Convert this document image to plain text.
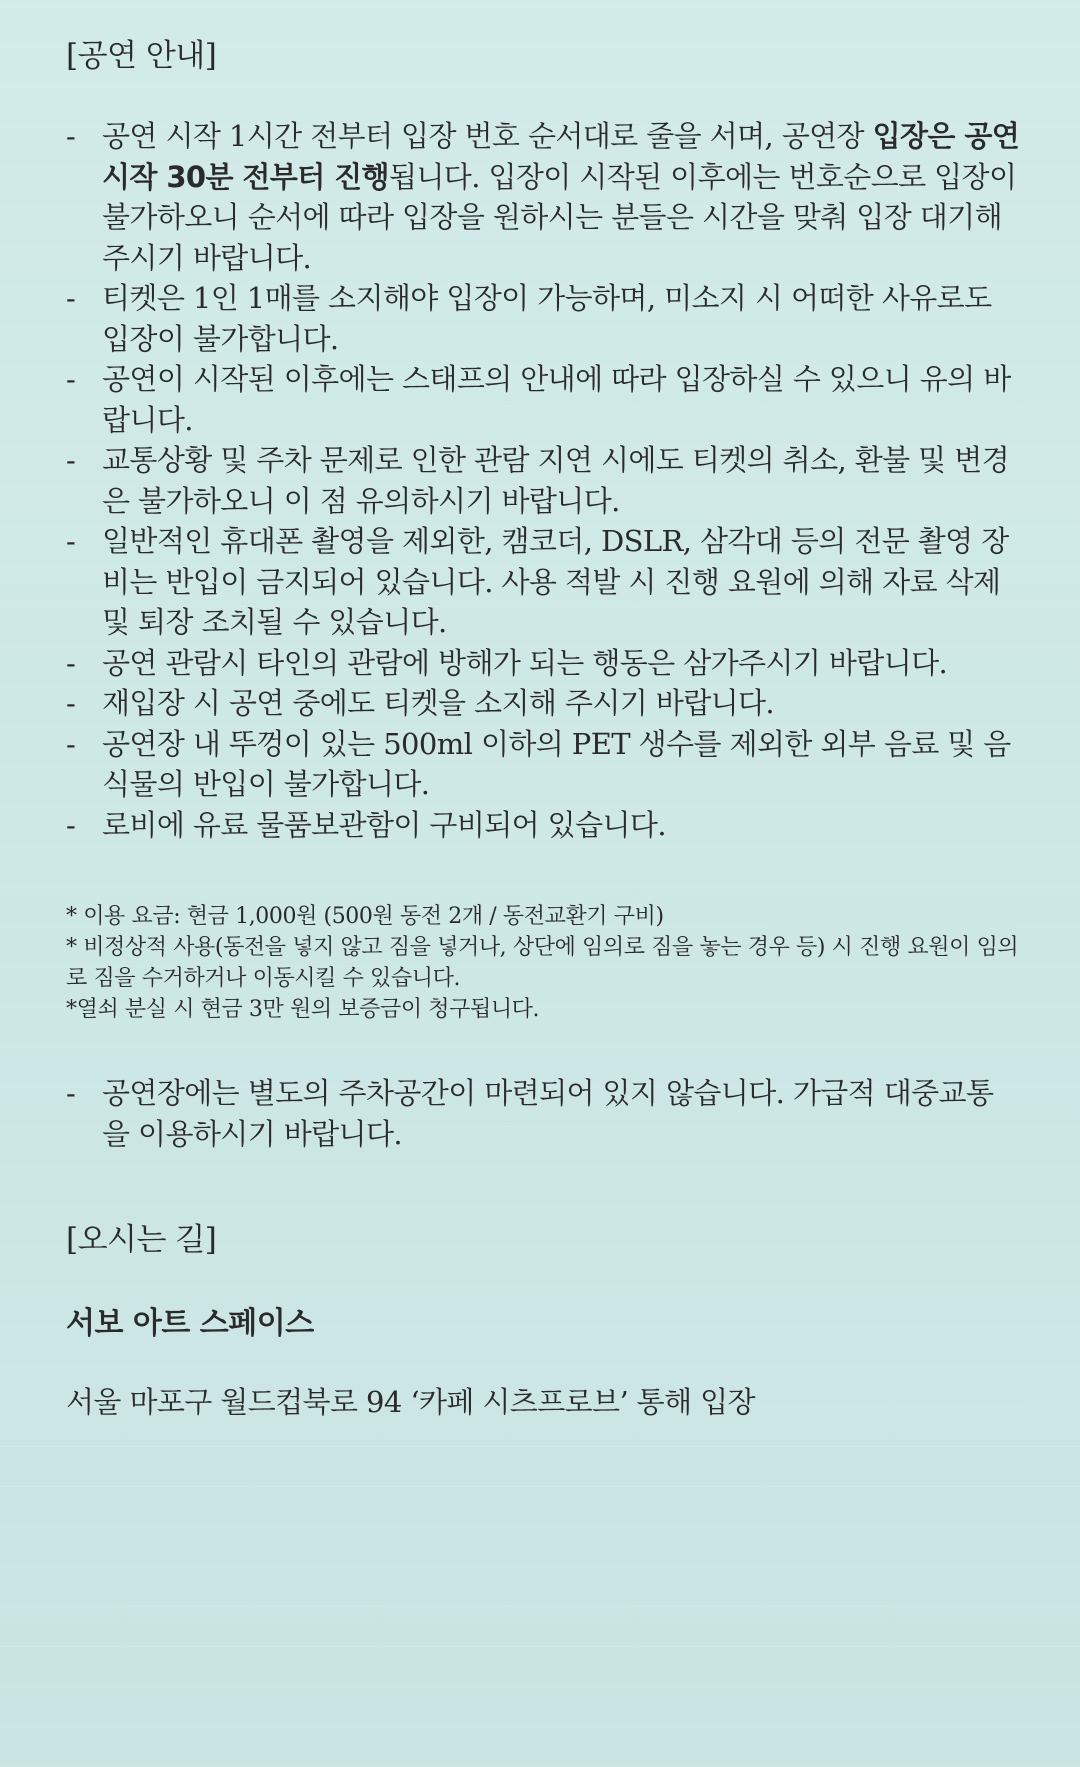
[공연 안내]
- 공연 시작 1시간 전부터 입장 번호 순서대로 줄을 서며, 공연장 입장은 공연 시작 30분 전부터 진행됩니다. 입장이 시작된 이후에는 번호순으로 입장이 불가하오니 순서에 따라 입장을 원하시는 분들은 시간을 맞춰 입장 대기해 주시기 바랍니다.
- 티켓은 1인 1매를 소지해야 입장이 가능하며, 미소지 시 어떠한 사유로도 입장이 불가합니다.
- 공연이 시작된 이후에는 스태프의 안내에 따라 입장하실 수 있으니 유의 바랍니다.
- 교통상황 및 주차 문제로 인한 관람 지연 시에도 티켓의 취소, 환불 및 변경은 불가하오니 이 점 유의하시기 바랍니다.
- 일반적인 휴대폰 촬영을 제외한, 캠코더, DSLR, 삼각대 등의 전문 촬영 장비는 반입이 금지되어 있습니다. 사용 적발 시 진행 요원에 의해 자료 삭제 및 퇴장 조치될 수 있습니다.
- 공연 관람시 타인의 관람에 방해가 되는 행동은 삼가주시기 바랍니다.
- 재입장 시 공연 중에도 티켓을 소지해 주시기 바랍니다.
- 공연장 내 뚜껑이 있는 500ml 이하의 PET 생수를 제외한 외부 음료 및 음식물의 반입이 불가합니다.
- 로비에 유료 물품보관함이 구비되어 있습니다.

* 이용 요금: 현금 1,000원 (500원 동전 2개 / 동전교환기 구비)

* 비정상적 사용(동전을 넣지 않고 짐을 넣거나, 상단에 임의로 짐을 놓는 경우 등) 시 진행 요원이 임의로 짐을 수거하거나 이동시킬 수 있습니다.

*열쇠 분실 시 현금 3만 원의 보증금이 청구됩니다.

- 공연장에는 별도의 주차공간이 마련되어 있지 않습니다. 가급적 대중교통을 이용하시기 바랍니다.
[오시는 길]
서보 아트 스페이스
서울 마포구 월드컵북로 94 ‘카페 시츠프로브’ 통해 입장
